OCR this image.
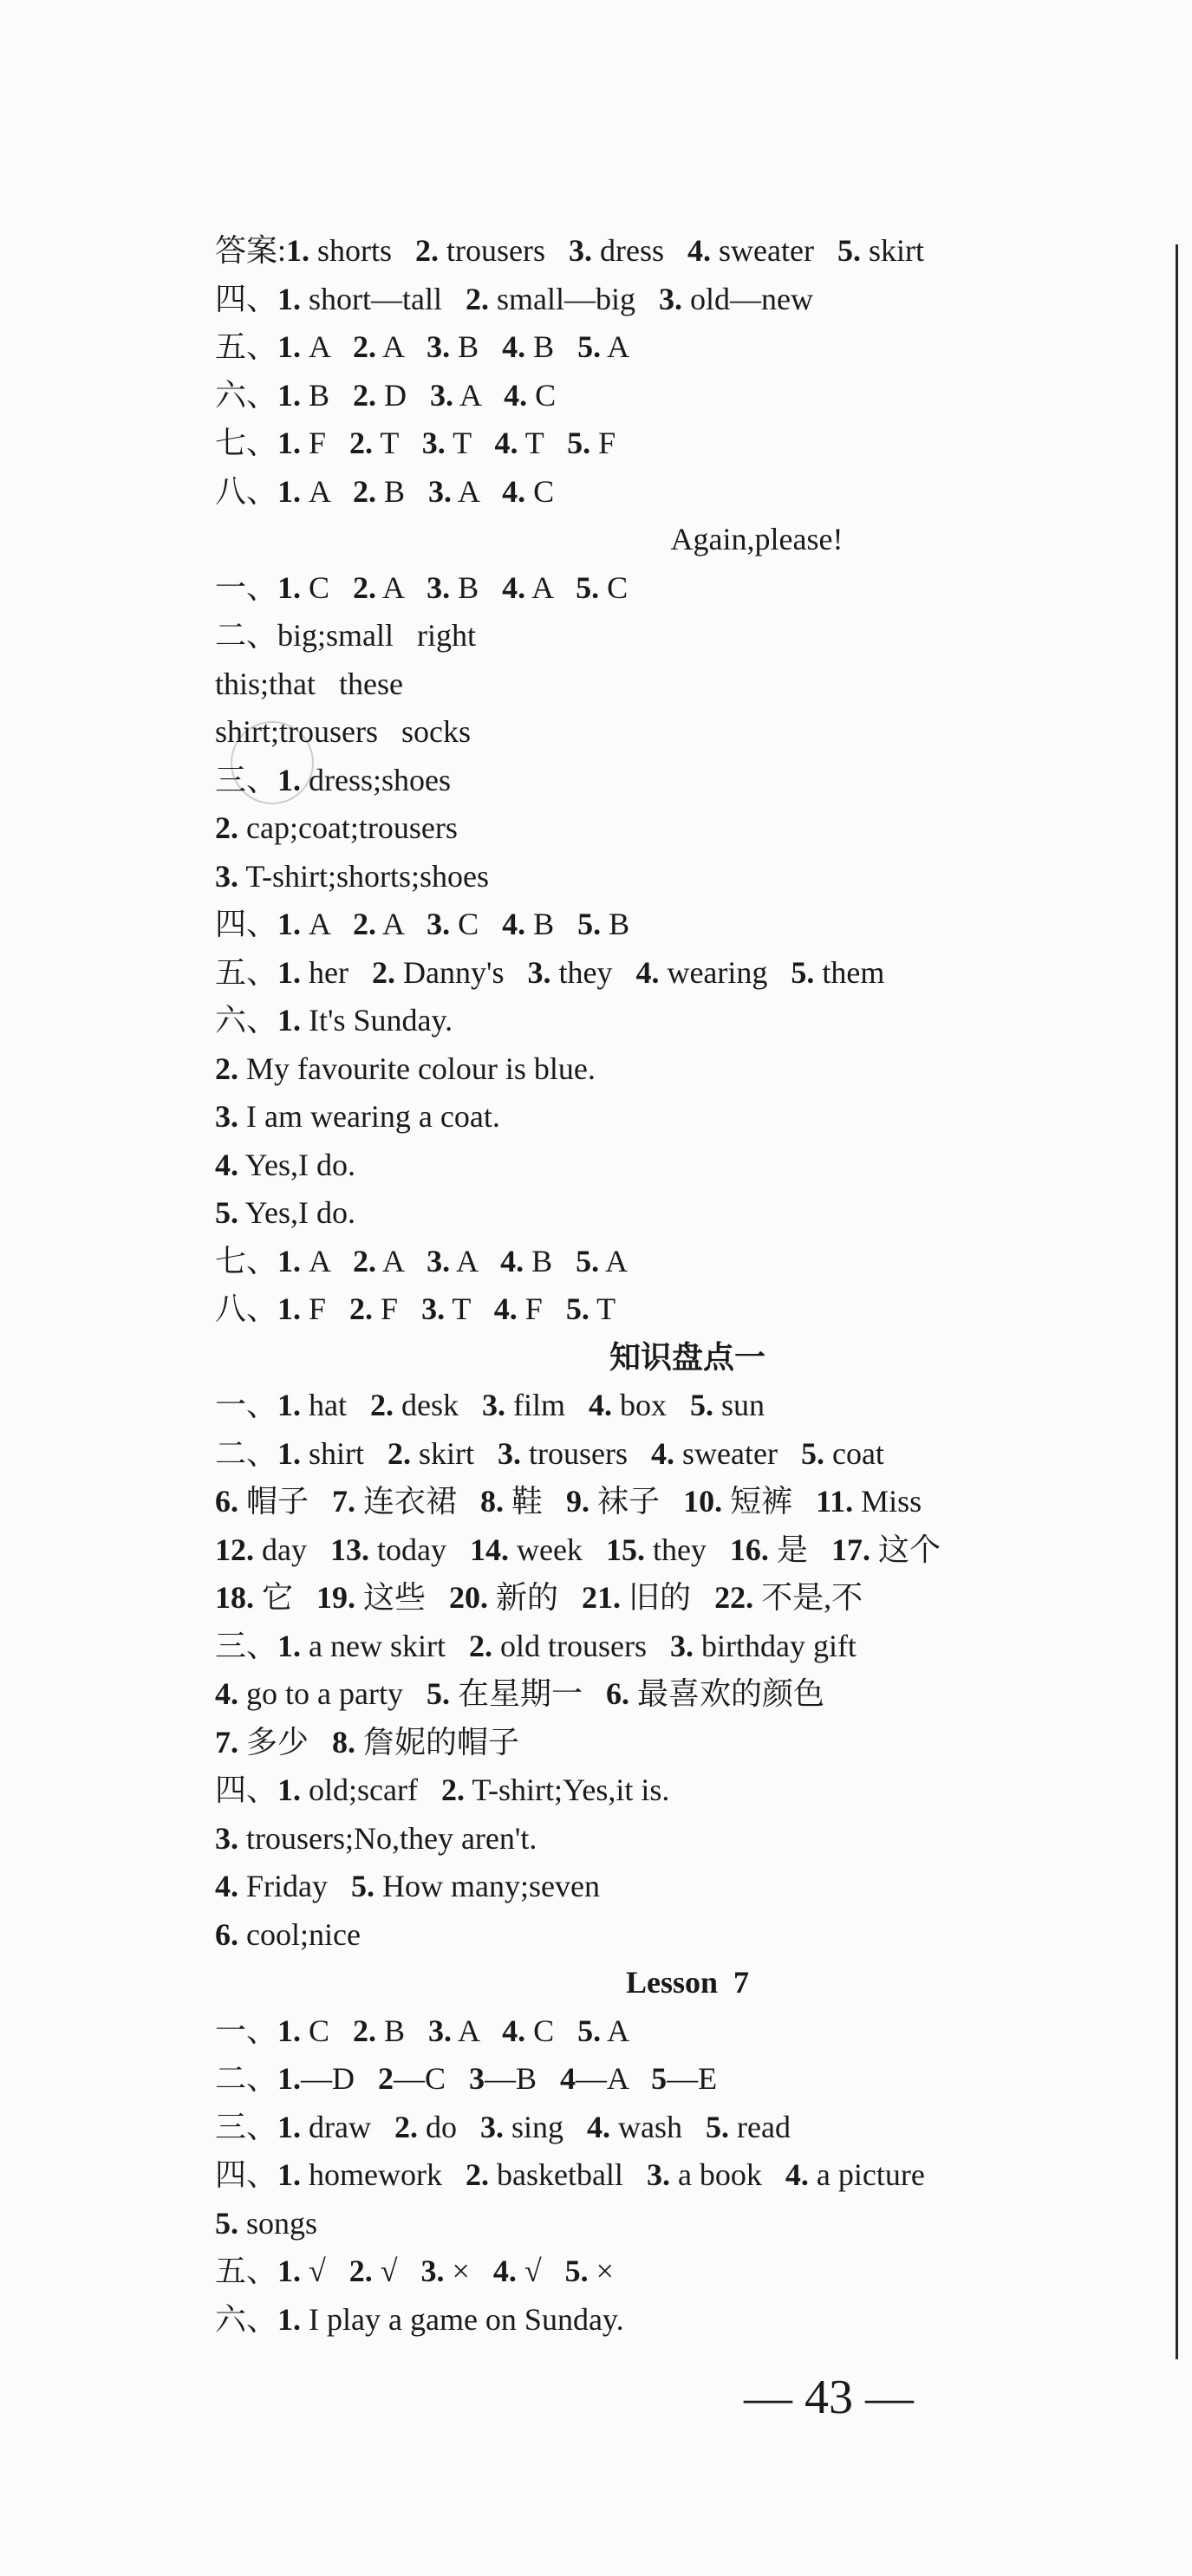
答案:1. shorts   2. trousers   3. dress   4. sweater   5. skirt
四、1. short—tall   2. small—big   3. old—new
五、1. A   2. A   3. B   4. B   5. A
六、1. B   2. D   3. A   4. C
七、1. F   2. T   3. T   4. T   5. F
八、1. A   2. B   3. A   4. C
Again,please!
一、1. C   2. A   3. B   4. A   5. C
二、big;small   right
this;that   these
shirt;trousers   socks
三、1. dress;shoes
2. cap;coat;trousers
3. T-shirt;shorts;shoes
四、1. A   2. A   3. C   4. B   5. B
五、1. her   2. Danny's   3. they   4. wearing   5. them
六、1. It's Sunday.
2. My favourite colour is blue.
3. I am wearing a coat.
4. Yes,I do.
5. Yes,I do.
七、1. A   2. A   3. A   4. B   5. A
八、1. F   2. F   3. T   4. F   5. T
知识盘点一
一、1. hat   2. desk   3. film   4. box   5. sun
二、1. shirt   2. skirt   3. trousers   4. sweater   5. coat
6. 帽子   7. 连衣裙   8. 鞋   9. 袜子   10. 短裤   11. Miss
12. day   13. today   14. week   15. they   16. 是   17. 这个
18. 它   19. 这些   20. 新的   21. 旧的   22. 不是,不
三、1. a new skirt   2. old trousers   3. birthday gift
4. go to a party   5. 在星期一   6. 最喜欢的颜色
7. 多少   8. 詹妮的帽子
四、1. old;scarf   2. T-shirt;Yes,it is.
3. trousers;No,they aren't.
4. Friday   5. How many;seven
6. cool;nice
Lesson  7
一、1. C   2. B   3. A   4. C   5. A
二、1.—D   2—C   3—B   4—A   5—E
三、1. draw   2. do   3. sing   4. wash   5. read
四、1. homework   2. basketball   3. a book   4. a picture
5. songs
五、1. √   2. √   3. ×   4. √   5. ×
六、1. I play a game on Sunday.
— 43 —
